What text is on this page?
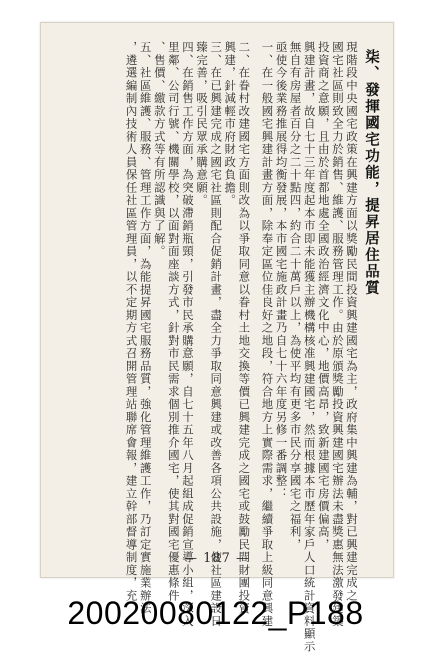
柒、發揮國宅功能，提昇居住品質
現階段中央國宅政策在興建方面以獎勵民間投資興建國宅為主，政府集中興建為輔，對已興建完成之
國宅社區則致全力於銷售、維護、服務管理工作。由於原頒獎勵投資興建國宅辦法未盡獎惠無法激發建築
投資商之意願，且由於首都地處全國政治經濟文化中心，地價高昂，致新建國宅房價偏高，
興建計畫，故自七十三年度起本市即未能獲主辦機構核准興建國宅，然而根據本市歷年家戶人口統計資料顯示
無自有房屋者百分之二十點四，約合二十萬戶以上，為使平均有更多市民分享國宅之福利，
亟使今後業務推展得均衡發展，本市國宅施政計畫乃自七十六年度另修一番調整：
一、在一般國宅興建計畫方面，除奉定區位佳良好之地段，符合地方上實際需求，繼續爭取上級同意興建
二、在眷村改建國宅方面則改為以爭取同意以眷村土地交換等價已興建完成之國宅或鼓勵民間財團投資
興建，針減輕市府財政負擔。
三、在已興建完成之國宅社區則配合促銷計畫，盡全力爭取同意興建或改善各項公共設施，使社區建設日
臻完善，吸引民眾承購意願。
四、在銷售工作方面，為突破滯銷瓶頸，引發市民承購意願，自七十五年八月起組成促銷宣導小組，深入
里鄰、公司行號、機關學校，以面對面座談方式，針對市民需求個別推介國宅，使其對國宅優惠條件
、售價、繳款方式等有所認識與了解。
五、社區維護、服務、管理工作方面，為能提昇國宅服務品質，強化管理維護工作，乃訂定實施業辦法
，遴選編制內技術人員保任社區管理員，以不定期方式召開管理站聯席會報，建立幹部督導制度，充	— 187 —
20020080122_P188
